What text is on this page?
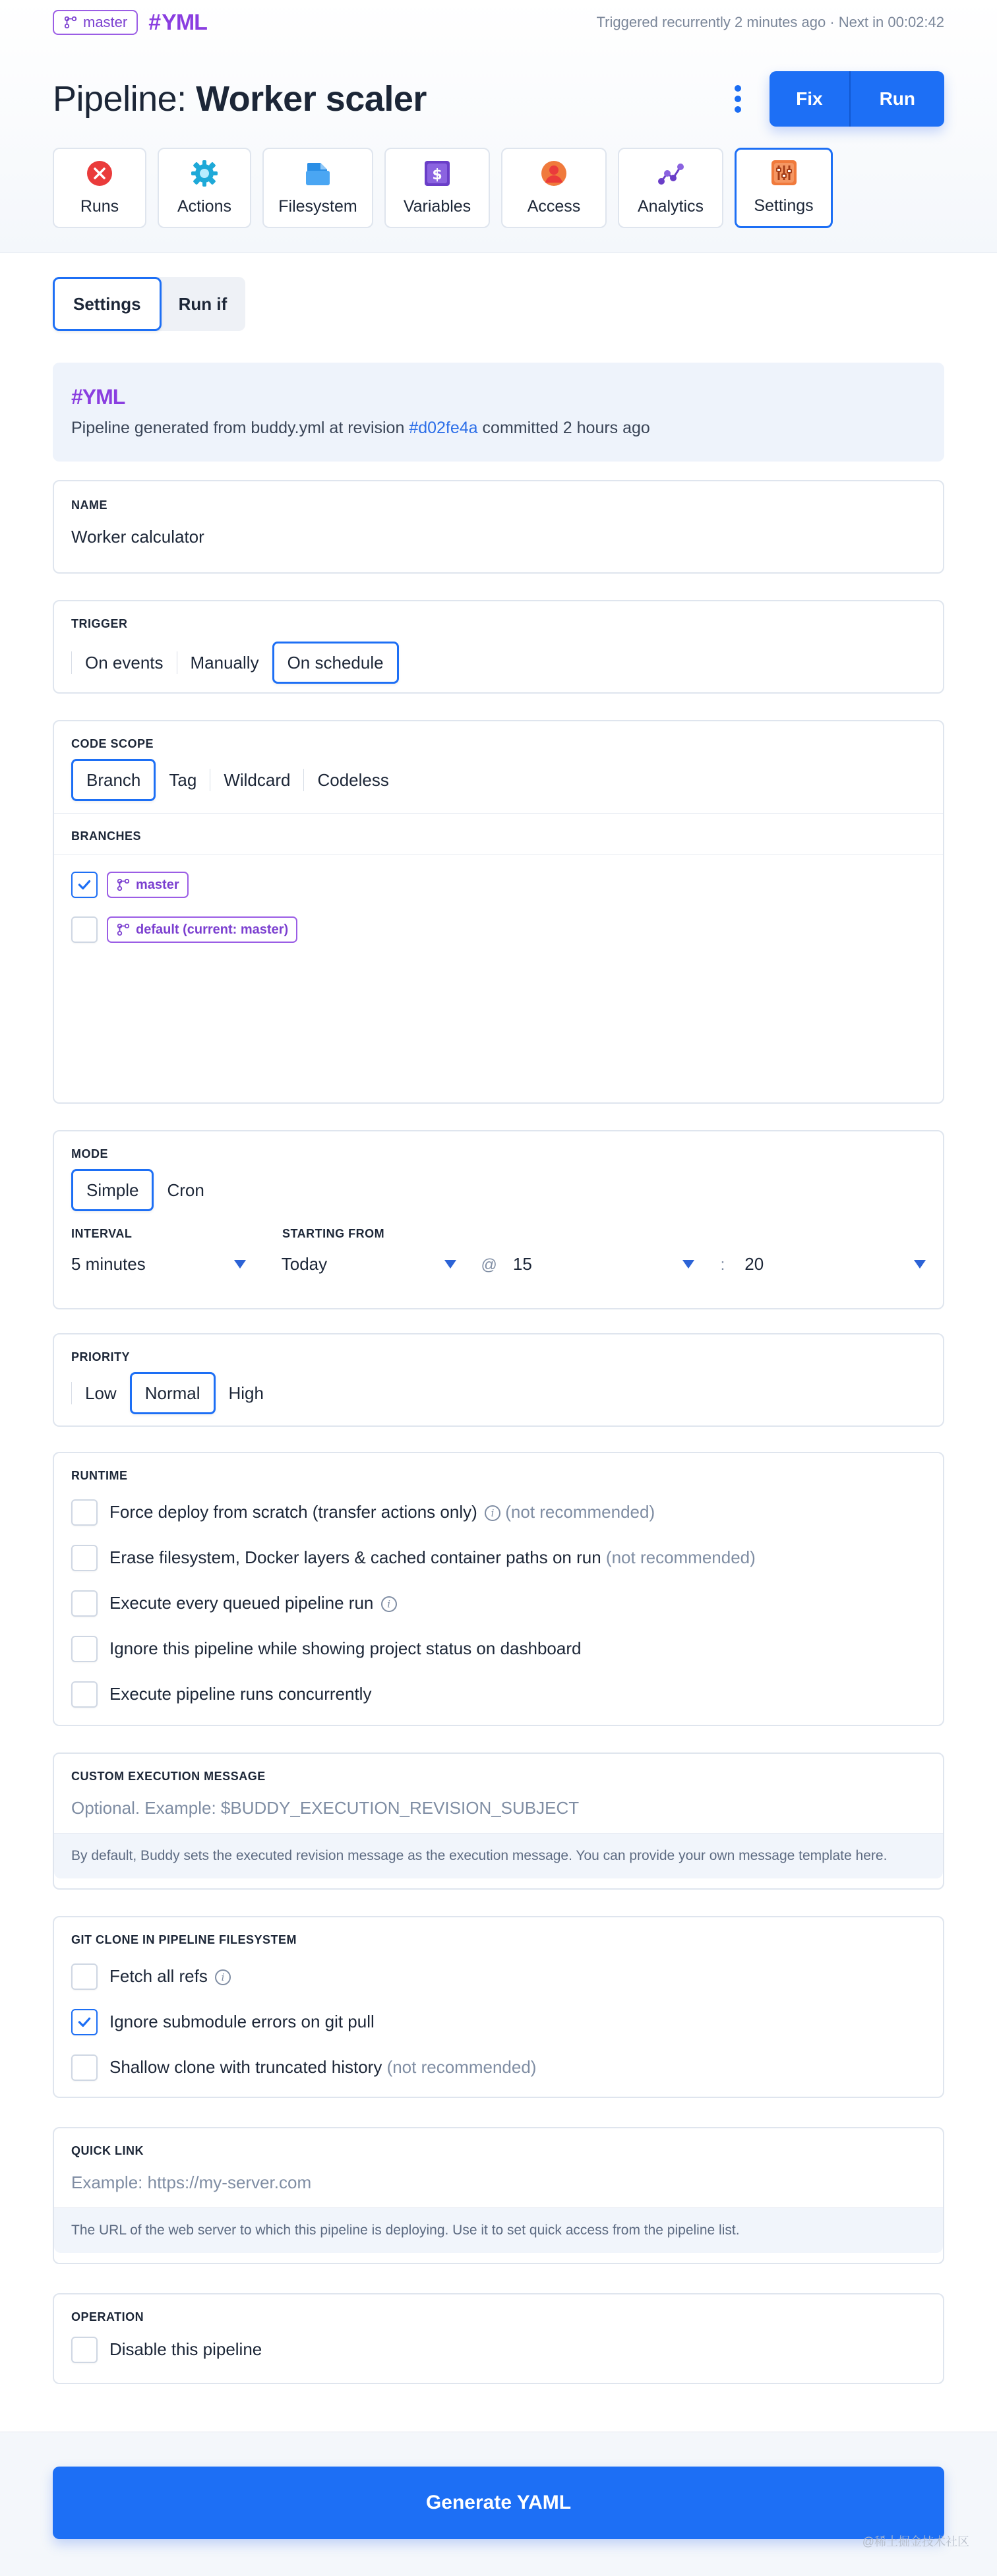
master # YML	Triggered recurrently 2 minutes ago · Next in 00:02:42
Pipeline: Worker scaler	Fix	Run
Runs	Actions	Filesystem
$
Variables	Access	Analytics	Settings
Settings	Run if
#YML
Pipeline generated from buddy.yml at revision #d02fe4a committed 2 hours ago
NAME
Worker calculator
TRIGGER
On events	Manually	On schedule
CODE SCOPE
Branch	Tag	Wildcard	Codeless
BRANCHES
master
default (current: master)
MODE
Simple	Cron
INTERVAL	STARTING FROM
5 minutes	Today	@ 15	: 20
PRIORITY
Low	Normal	High
RUNTIME
Force deploy from scratch (transfer actions only) i (not recommended)
Erase filesystem, Docker layers & cached container paths on run (not recommended)
Execute every queued pipeline run i
Ignore this pipeline while showing project status on dashboard
Execute pipeline runs concurrently
CUSTOM EXECUTION MESSAGE
Optional. Example: $BUDDY_EXECUTION_REVISION_SUBJECT
By default, Buddy sets the executed revision message as the execution message. You can provide your own message template here.
GIT CLONE IN PIPELINE FILESYSTEM
Fetch all refs i
Ignore submodule errors on git pull
Shallow clone with truncated history (not recommended)
QUICK LINK
Example: https://my-server.com
The URL of the web server to which this pipeline is deploying. Use it to set quick access from the pipeline list.
OPERATION
Disable this pipeline
Generate YAML
@稀土掘金技术社区
